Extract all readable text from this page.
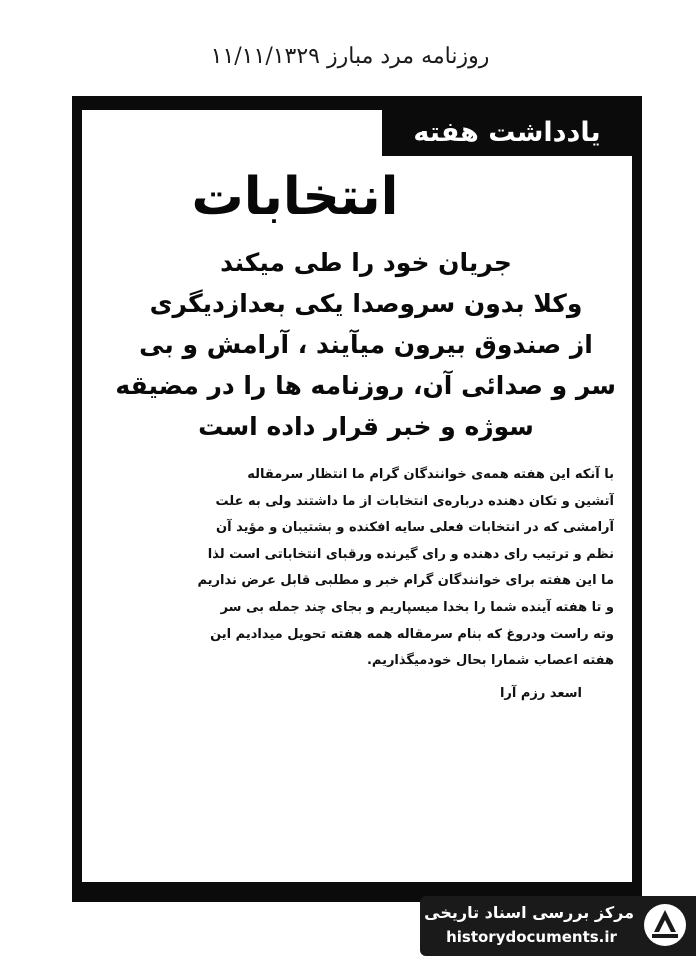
روزنامه مرد مبارز ۱۱/۱۱/۱۳۲۹
یادداشت هفته
انتخابات
جریان خود را طی میکند
وکلا بدون سروصدا یکی بعدازدیگری
از صندوق بیرون میآیند ، آرامش و بی
سر و صدائی آن، روزنامه ها را در مضیقه
سوژه و خبر قرار داده است
با آنکه این هفته همه‌ی خوانندگان گرام ما انتظار سرمقاله
آتشین و تکان دهنده درباره‌ی انتخابات از ما داشتند ولی به علت
آرامشی که در انتخابات فعلی سایه افکنده و بشتیبان و مؤید آن
نظم و ترتیب رای دهنده و رای گیرنده ورقبای انتخاباتی است لذا
ما این هفته برای خوانندگان گرام خبر و مطلبی قابل عرض نداریم
و تا هفته آینده شما را بخدا میسپاریم و بجای چند جمله بی سر
وته راست ودروغ که بنام سرمقاله همه هفته تحویل میدادیم این
هفته اعصاب شمارا بحال خودمیگذاریم.
اسعد رزم آرا
مرکز بررسی اسناد تاریخی
historydocuments.ir
